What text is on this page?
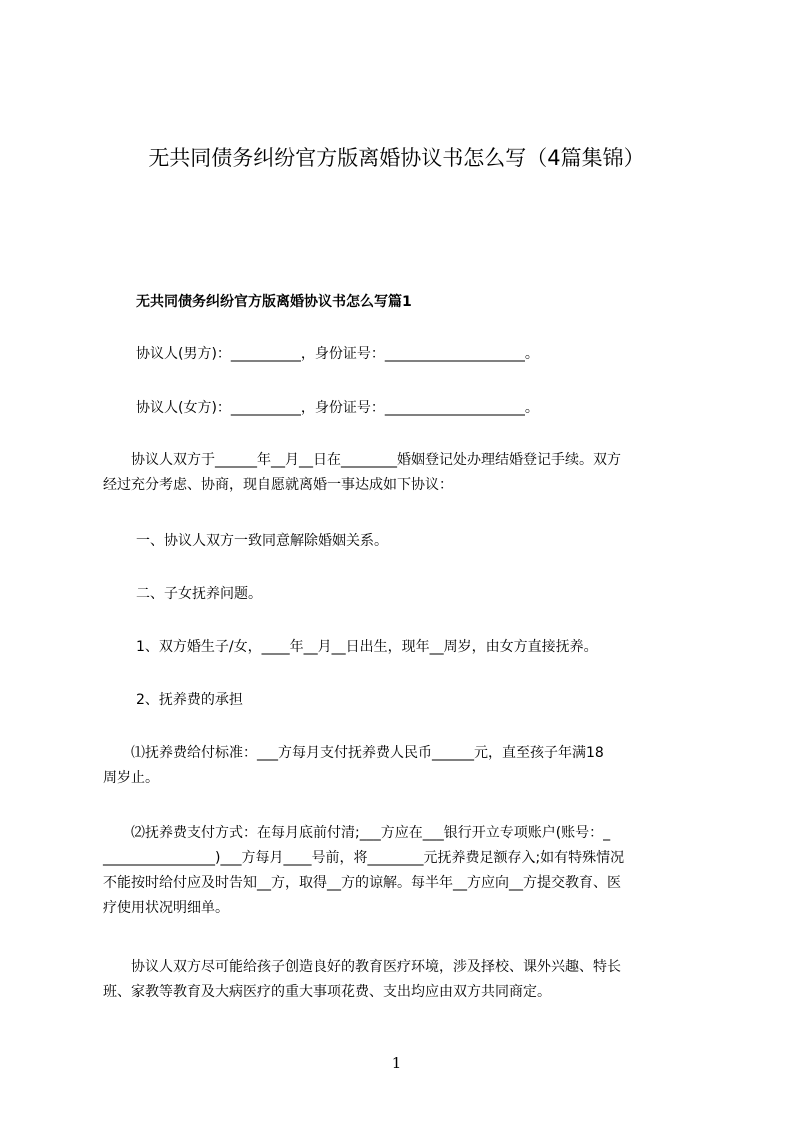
无共同债务纠纷官方版离婚协议书怎么写（4篇集锦）
无共同债务纠纷官方版离婚协议书怎么写篇1
协议人(男方)：__________，身份证号：____________________。
协议人(女方)：__________，身份证号：____________________。
　　协议人双方于______年__月__日在________婚姻登记处办理结婚登记手续。双方
经过充分考虑、协商，现自愿就离婚一事达成如下协议：
一、协议人双方一致同意解除婚姻关系。
二、子女抚养问题。
1、双方婚生子/女，____年__月__日出生，现年__周岁，由女方直接抚养。
2、抚养费的承担
　　⑴抚养费给付标准：___方每月支付抚养费人民币______元，直至孩子年满18
周岁止。
　　⑵抚养费支付方式：在每月底前付清;___方应在___银行开立专项账户(账号：_
________________)___方每月____号前，将________元抚养费足额存入;如有特殊情况
不能按时给付应及时告知__方，取得__方的谅解。每半年__方应向__方提交教育、医
疗使用状况明细单。
　　协议人双方尽可能给孩子创造良好的教育医疗环境，涉及择校、课外兴趣、特长
班、家教等教育及大病医疗的重大事项花费、支出均应由双方共同商定。
1
